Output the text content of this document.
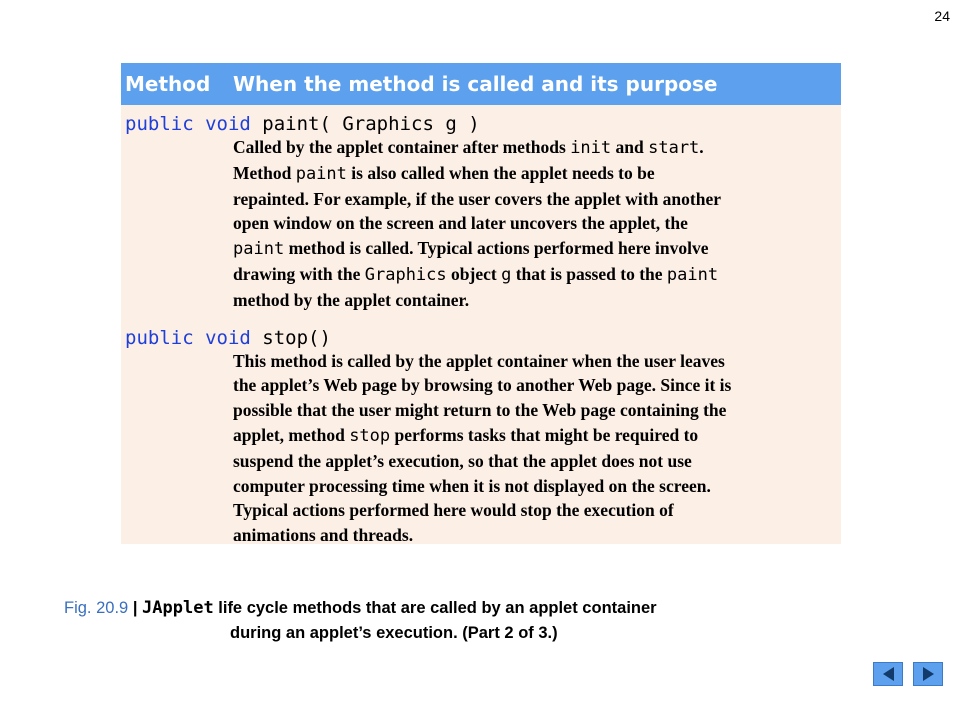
24
Method	When the method is called and its purpose
public void paint( Graphics g )
Called by the applet container after methods init and start.
Method paint is also called when the applet needs to be
repainted. For example, if the user covers the applet with another
open window on the screen and later uncovers the applet, the
paint method is called. Typical actions performed here involve
drawing with the Graphics object g that is passed to the paint
method by the applet container.
public void stop()
This method is called by the applet container when the user leaves
the applet’s Web page by browsing to another Web page. Since it is
possible that the user might return to the Web page containing the
applet, method stop performs tasks that might be required to
suspend the applet’s execution, so that the applet does not use
computer processing time when it is not displayed on the screen.
Typical actions performed here would stop the execution of
animations and threads.
Fig. 20.9 | JApplet life cycle methods that are called by an applet container
during an applet’s execution. (Part 2 of 3.)
